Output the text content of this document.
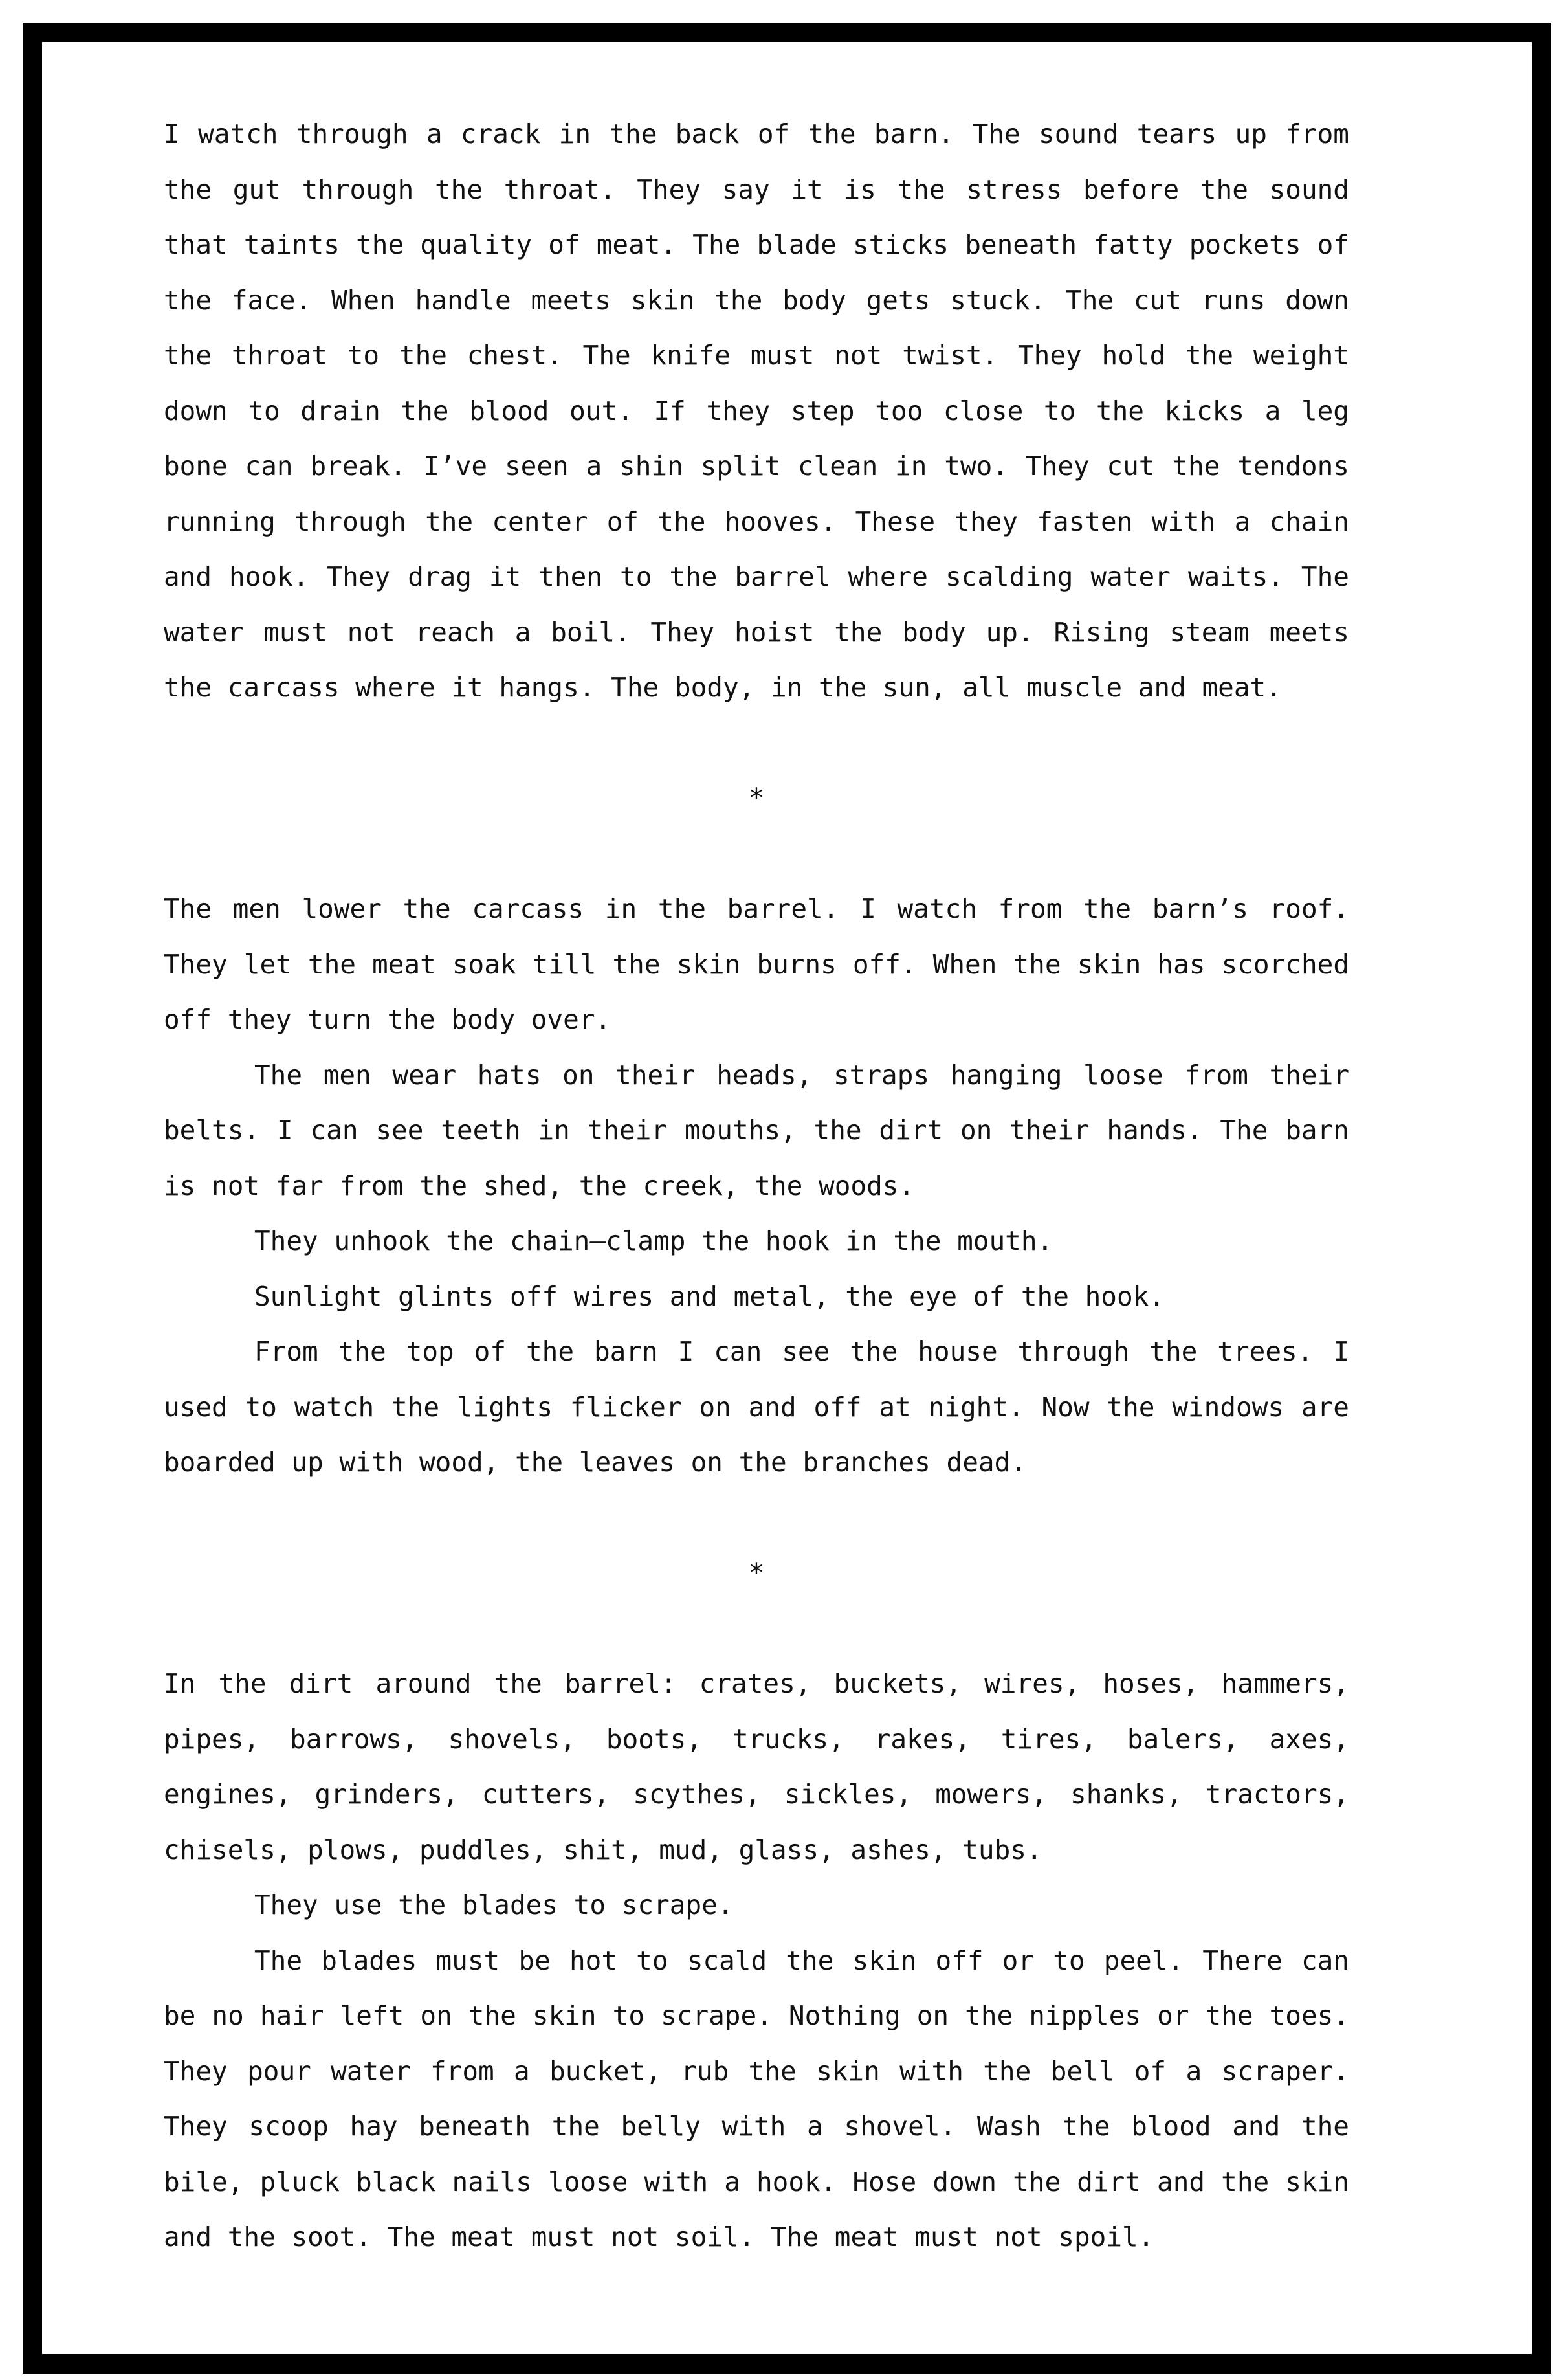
I watch through a crack in the back of the barn. The sound tears up from the gut through the throat. They say it is the stress before the sound that taints the quality of meat. The blade sticks beneath fatty pockets of the face. When handle meets skin the body gets stuck. The cut runs down the throat to the chest. The knife must not twist. They hold the weight down to drain the blood out. If they step too close to the kicks a leg bone can break. I’ve seen a shin split clean in two. They cut the tendons running through the center of the hooves. These they fasten with a chain and hook. They drag it then to the barrel where scalding water waits. The water must not reach a boil. They hoist the body up. Rising steam meets the carcass where it hangs. The body, in the sun, all muscle and meat.

*

The men lower the carcass in the barrel. I watch from the barn’s roof. They let the meat soak till the skin burns off. When the skin has scorched off they turn the body over.

The men wear hats on their heads, straps hanging loose from their belts. I can see teeth in their mouths, the dirt on their hands. The barn is not far from the shed, the creek, the woods.

They unhook the chain—clamp the hook in the mouth.

Sunlight glints off wires and metal, the eye of the hook.

From the top of the barn I can see the house through the trees. I used to watch the lights flicker on and off at night. Now the windows are boarded up with wood, the leaves on the branches dead.

*

In the dirt around the barrel: crates, buckets, wires, hoses, hammers, pipes, barrows, shovels, boots, trucks, rakes, tires, balers, axes, engines, grinders, cutters, scythes, sickles, mowers, shanks, tractors, chisels, plows, puddles, shit, mud, glass, ashes, tubs.

They use the blades to scrape.

The blades must be hot to scald the skin off or to peel. There can be no hair left on the skin to scrape. Nothing on the nipples or the toes. They pour water from a bucket, rub the skin with the bell of a scraper. They scoop hay beneath the belly with a shovel. Wash the blood and the bile, pluck black nails loose with a hook. Hose down the dirt and the skin and the soot. The meat must not soil. The meat must not spoil.
